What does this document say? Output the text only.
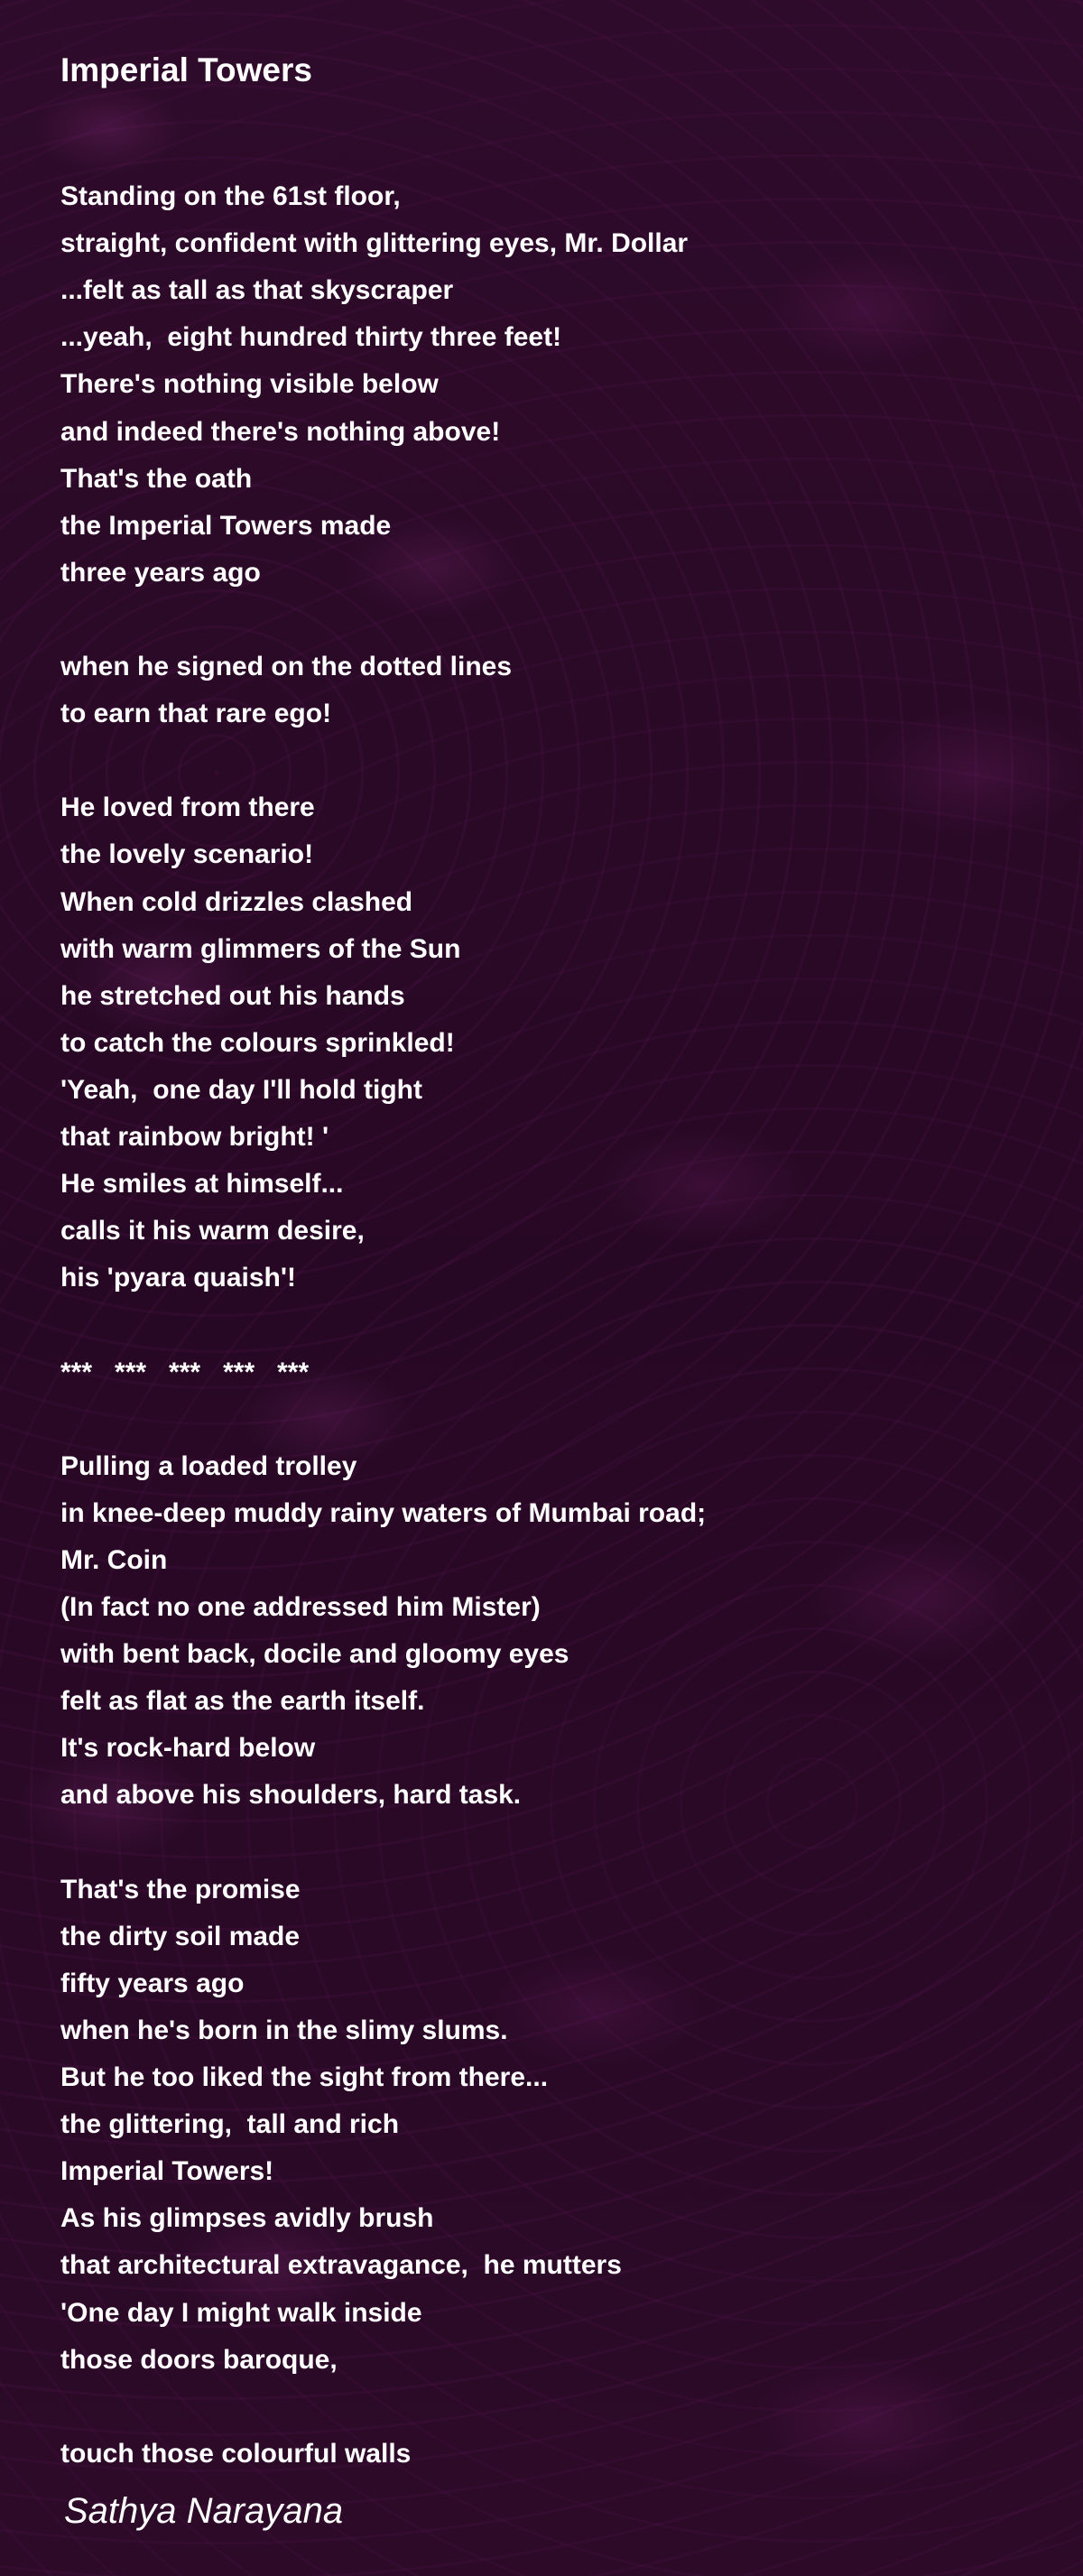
Imperial Towers
Standing on the 61st floor,
straight, confident with glittering eyes, Mr. Dollar
...felt as tall as that skyscraper
...yeah,  eight hundred thirty three feet!
There's nothing visible below
and indeed there's nothing above!
That's the oath
the Imperial Towers made
three years ago
when he signed on the dotted lines
to earn that rare ego!
He loved from there
the lovely scenario!
When cold drizzles clashed
with warm glimmers of the Sun
he stretched out his hands
to catch the colours sprinkled!
'Yeah,  one day I'll hold tight
that rainbow bright! '
He smiles at himself...
calls it his warm desire,
his 'pyara quaish'!
***   ***   ***   ***   ***
Pulling a loaded trolley
in knee-deep muddy rainy waters of Mumbai road;
Mr. Coin
(In fact no one addressed him Mister)
with bent back, docile and gloomy eyes
felt as flat as the earth itself.
It's rock-hard below
and above his shoulders, hard task.
That's the promise
the dirty soil made
fifty years ago
when he's born in the slimy slums.
But he too liked the sight from there...
the glittering,  tall and rich
Imperial Towers!
As his glimpses avidly brush
that architectural extravagance,  he mutters
'One day I might walk inside
those doors baroque,
touch those colourful walls
Sathya Narayana
